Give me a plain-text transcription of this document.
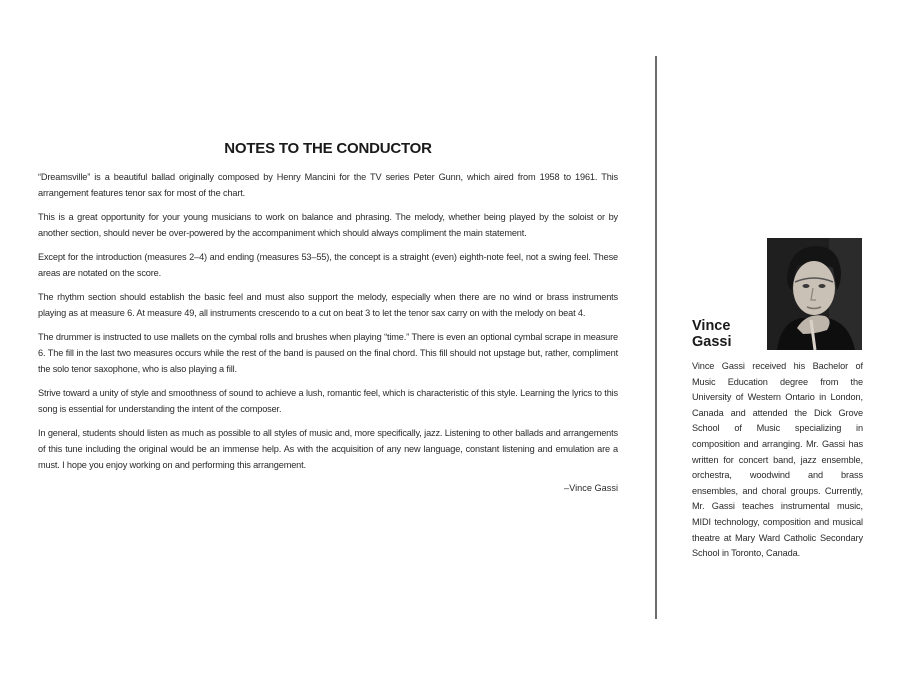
NOTES TO THE CONDUCTOR

“Dreamsville” is a beautiful ballad originally composed by Henry Mancini for the TV series Peter Gunn, which aired from 1958 to 1961. This arrangement features tenor sax for most of the chart.

This is a great opportunity for your young musicians to work on balance and phrasing. The melody, whether being played by the soloist or by another section, should never be over-powered by the accompaniment which should always compliment the main statement.

Except for the introduction (measures 2–4) and ending (measures 53–55), the concept is a straight (even) eighth-note feel, not a swing feel. These areas are notated on the score.

The rhythm section should establish the basic feel and must also support the melody, especially when there are no wind or brass instruments playing as at measure 6. At measure 49, all instruments crescendo to a cut on beat 3 to let the tenor sax carry on with the melody on beat 4.

The drummer is instructed to use mallets on the cymbal rolls and brushes when playing “time.” There is even an optional cymbal scrape in measure 6. The fill in the last two measures occurs while the rest of the band is paused on the final chord. This fill should not upstage but, rather, compliment the solo tenor saxophone, who is also playing a fill.

Strive toward a unity of style and smoothness of sound to achieve a lush, romantic feel, which is characteristic of this style. Learning the lyrics to this song is essential for understanding the intent of the composer.

In general, students should listen as much as possible to all styles of music and, more specifically, jazz. Listening to other ballads and arrangements of this tune including the original would be an immense help. As with the acquisition of any new language, constant listening and emulation are a must. I hope you enjoy working on and performing this arrangement.

–Vince Gassi
Vince
Gassi
Vince Gassi received his Bachelor of Music Education degree from the University of Western Ontario in London, Canada and attended the Dick Grove School of Music specializing in composition and arranging. Mr. Gassi has written for concert band, jazz ensemble, orchestra, woodwind and brass ensembles, and choral groups. Currently, Mr. Gassi teaches instrumental music, MIDI technology, composition and musical theatre at Mary Ward Catholic Secondary School in Toronto, Canada.
